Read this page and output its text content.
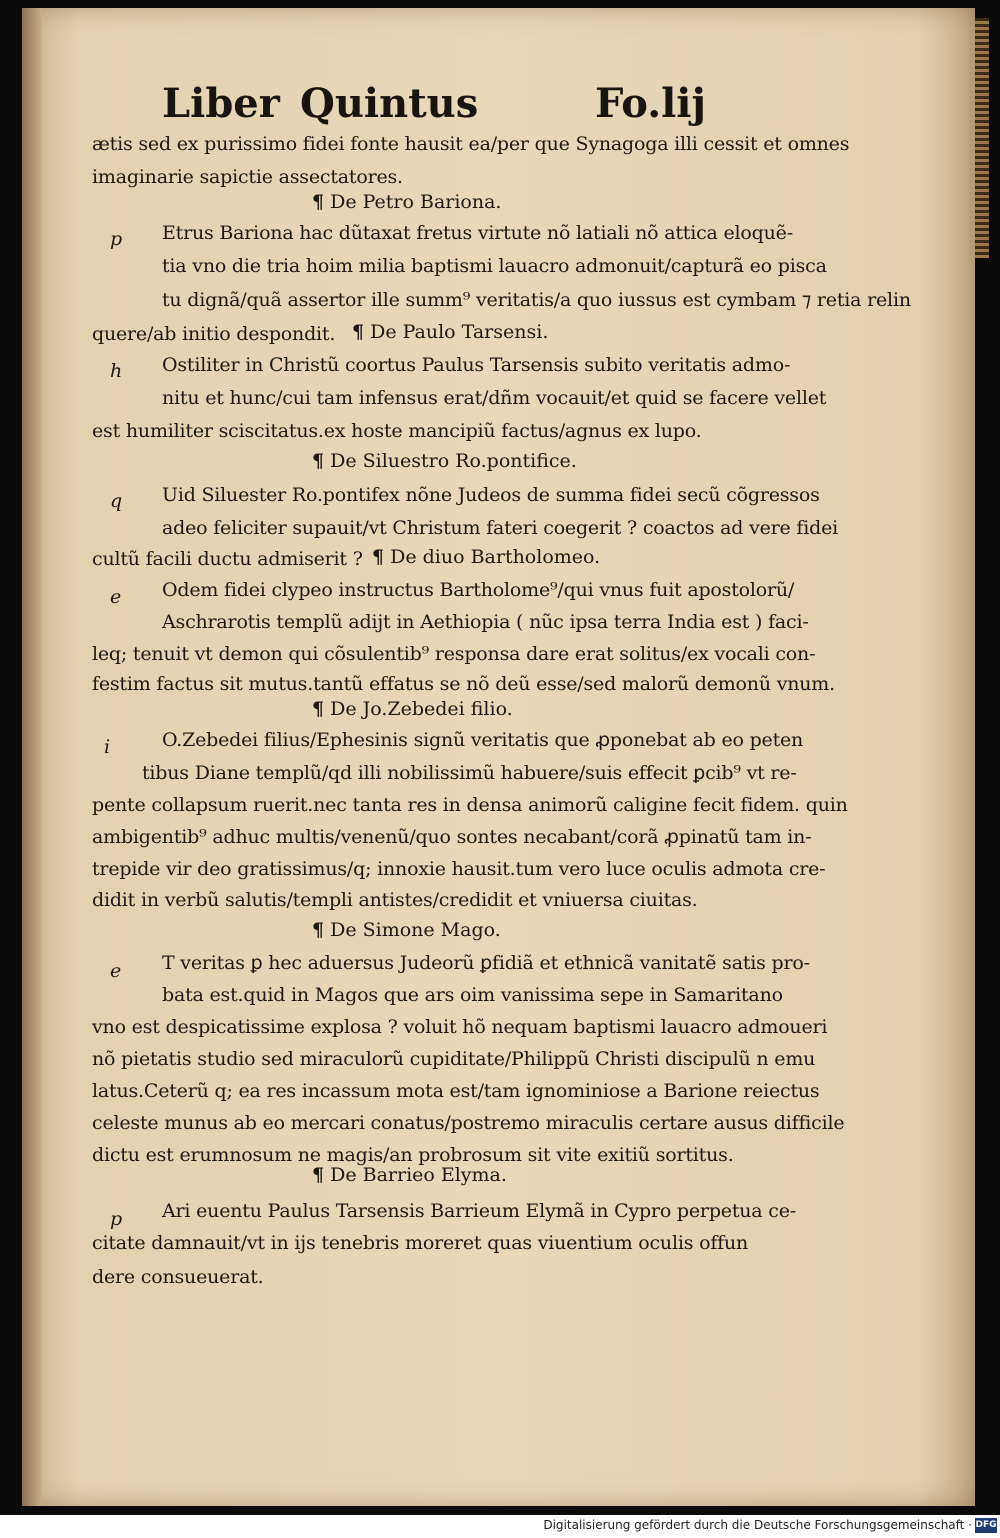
Liber Quintus	Fo.lij
ætis sed ex purissimo fidei fonte hausit ea/per que Synagoga illi cessit et omnes
imaginarie sapictie assectatores.
¶ De Petro Bariona.
p Etrus Bariona hac dũtaxat fretus virtute nõ latiali nõ attica eloquẽ-
tia vno die tria hoim milia baptismi lauacro admonuit/capturã eo pisca
tu dignã/quã assertor ille summ⁹ veritatis/a quo iussus est cymbam ⁊ retia relin
quere/ab initio despondit. ¶ De Paulo Tarsensi.
h Ostiliter in Christũ coortus Paulus Tarsensis subito veritatis admo-
nitu et hunc/cui tam infensus erat/dñm vocauit/et quid se facere vellet
est humiliter sciscitatus.ex hoste mancipiũ factus/agnus ex lupo.
¶ De Siluestro Ro.pontifice.
q Uid Siluester Ro.pontifex nõne Judeos de summa fidei secũ cõgressos
adeo feliciter supauit/vt Christum fateri coegerit ? coactos ad vere fidei
cultũ facili ductu admiserit ? ¶ De diuo Bartholomeo.
e Odem fidei clypeo instructus Bartholome⁹/qui vnus fuit apostolorũ/
Aschrarotis templũ adijt in Aethiopia ( nũc ipsa terra India est ) faci-
leq; tenuit vt demon qui cõsulentib⁹ responsa dare erat solitus/ex vocali con-
festim factus sit mutus.tantũ effatus se nõ deũ esse/sed malorũ demonũ vnum.
¶ De Jo.Zebedei filio.
i	O.Zebedei filius/Ephesinis signũ veritatis que ꝓponebat ab eo peten
tibus Diane templũ/qd illi nobilissimũ habuere/suis effecit ꝑcib⁹ vt re-
pente collapsum ruerit.nec tanta res in densa animorũ caligine fecit fidem. quin
ambigentib⁹ adhuc multis/venenũ/quo sontes necabant/corã ꝓpinatũ tam in-
trepide vir deo gratissimus/q; innoxie hausit.tum vero luce oculis admota cre-
didit in verbũ salutis/templi antistes/credidit et vniuersa ciuitas.
¶ De Simone Mago.
e T veritas ꝑ hec aduersus Judeorũ ꝑfidiã et ethnicã vanitatẽ satis pro-
bata est.quid in Magos que ars oim vanissima sepe in Samaritano
vno est despicatissime explosa ? voluit hõ nequam baptismi lauacro admoueri
nõ pietatis studio sed miraculorũ cupiditate/Philippũ Christi discipulũ n emu
latus.Ceterũ q; ea res incassum mota est/tam ignominiose a Barione reiectus
celeste munus ab eo mercari conatus/postremo miraculis certare ausus difficile
dictu est erumnosum ne magis/an probrosum sit vite exitiũ sortitus.
¶ De Barrieo Elyma.
p Ari euentu Paulus Tarsensis Barrieum Elymã in Cypro perpetua ce-
citate damnauit/vt in ijs tenebris moreret quas viuentium oculis offun
dere consueuerat.
Digitalisierung gefördert durch die Deutsche Forschungsgemeinschaft · DFG
